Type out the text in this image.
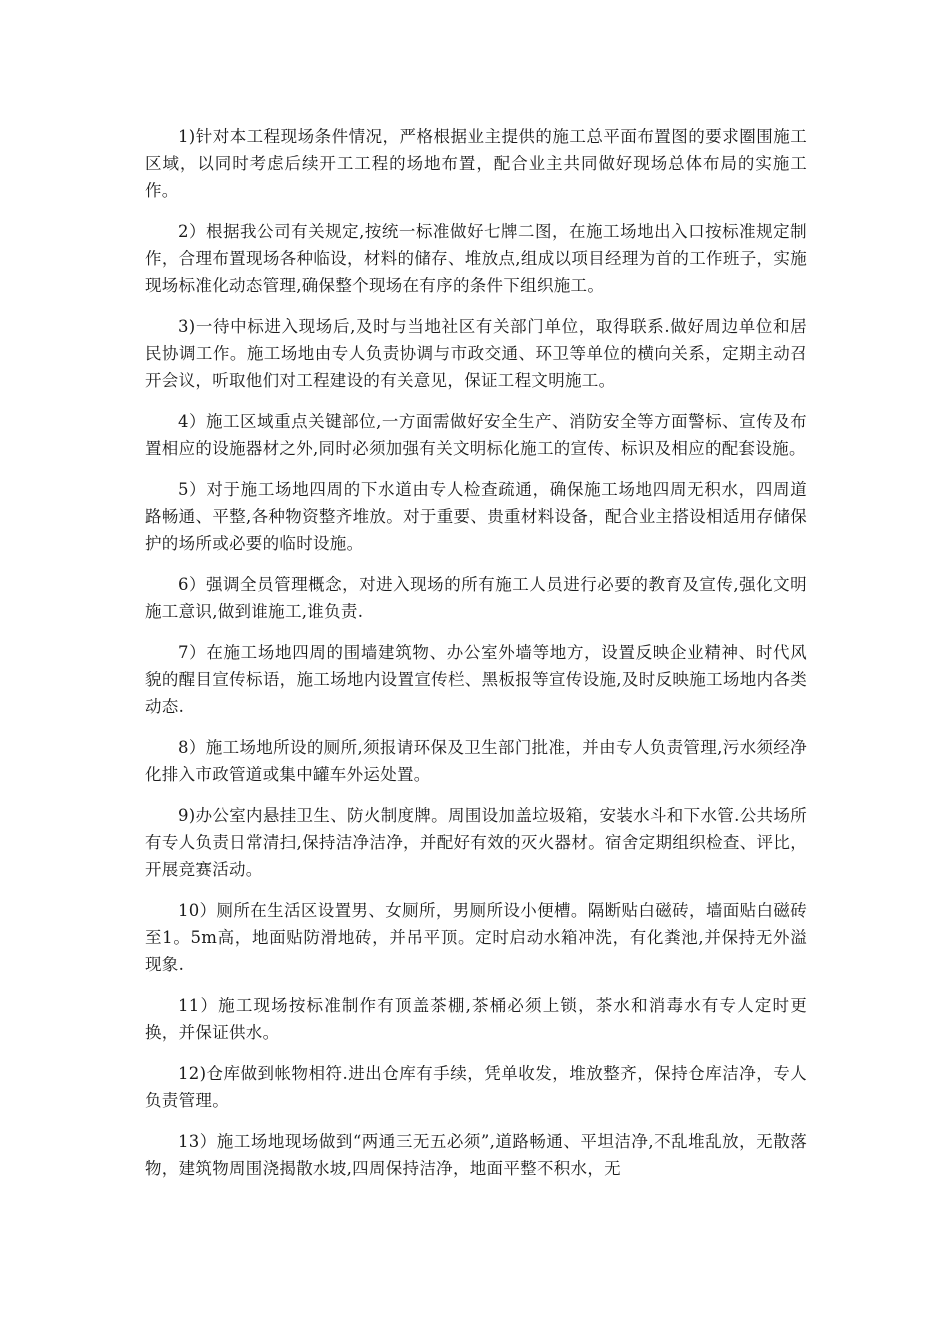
1)针对本工程现场条件情况，严格根据业主提供的施工总平面布置图的要求圈围施工区域，以同时考虑后续开工工程的场地布置，配合业主共同做好现场总体布局的实施工作。

2）根据我公司有关规定,按统一标准做好七牌二图，在施工场地出入口按标准规定制作，合理布置现场各种临设，材料的储存、堆放点,组成以项目经理为首的工作班子，实施现场标准化动态管理,确保整个现场在有序的条件下组织施工。

3)一待中标进入现场后,及时与当地社区有关部门单位，取得联系.做好周边单位和居民协调工作。施工场地由专人负责协调与市政交通、环卫等单位的横向关系，定期主动召开会议，听取他们对工程建设的有关意见，保证工程文明施工。

4）施工区域重点关键部位,一方面需做好安全生产、消防安全等方面警标、宣传及布置相应的设施器材之外,同时必须加强有关文明标化施工的宣传、标识及相应的配套设施。

5）对于施工场地四周的下水道由专人检查疏通，确保施工场地四周无积水，四周道路畅通、平整,各种物资整齐堆放。对于重要、贵重材料设备，配合业主搭设相适用存储保护的场所或必要的临时设施。

6）强调全员管理概念，对进入现场的所有施工人员进行必要的教育及宣传,强化文明施工意识,做到谁施工,谁负责.

7）在施工场地四周的围墙建筑物、办公室外墙等地方，设置反映企业精神、时代风貌的醒目宣传标语，施工场地内设置宣传栏、黑板报等宣传设施,及时反映施工场地内各类动态.

8）施工场地所设的厕所,须报请环保及卫生部门批准，并由专人负责管理,污水须经净化排入市政管道或集中罐车外运处置。

9)办公室内悬挂卫生、防火制度牌。周围设加盖垃圾箱，安装水斗和下水管.公共场所有专人负责日常清扫,保持洁净洁净，并配好有效的灭火器材。宿舍定期组织检查、评比，开展竞赛活动。

10）厕所在生活区设置男、女厕所，男厕所设小便槽。隔断贴白磁砖，墙面贴白磁砖至1。5m高，地面贴防滑地砖，并吊平顶。定时启动水箱冲洗，有化粪池,并保持无外溢现象.

11）施工现场按标准制作有顶盖茶棚,茶桶必须上锁，茶水和消毒水有专人定时更换，并保证供水。

12)仓库做到帐物相符.进出仓库有手续，凭单收发，堆放整齐，保持仓库洁净，专人负责管理。

13）施工场地现场做到“两通三无五必须”,道路畅通、平坦洁净,不乱堆乱放，无散落物，建筑物周围浇揭散水坡,四周保持洁净，地面平整不积水，无
